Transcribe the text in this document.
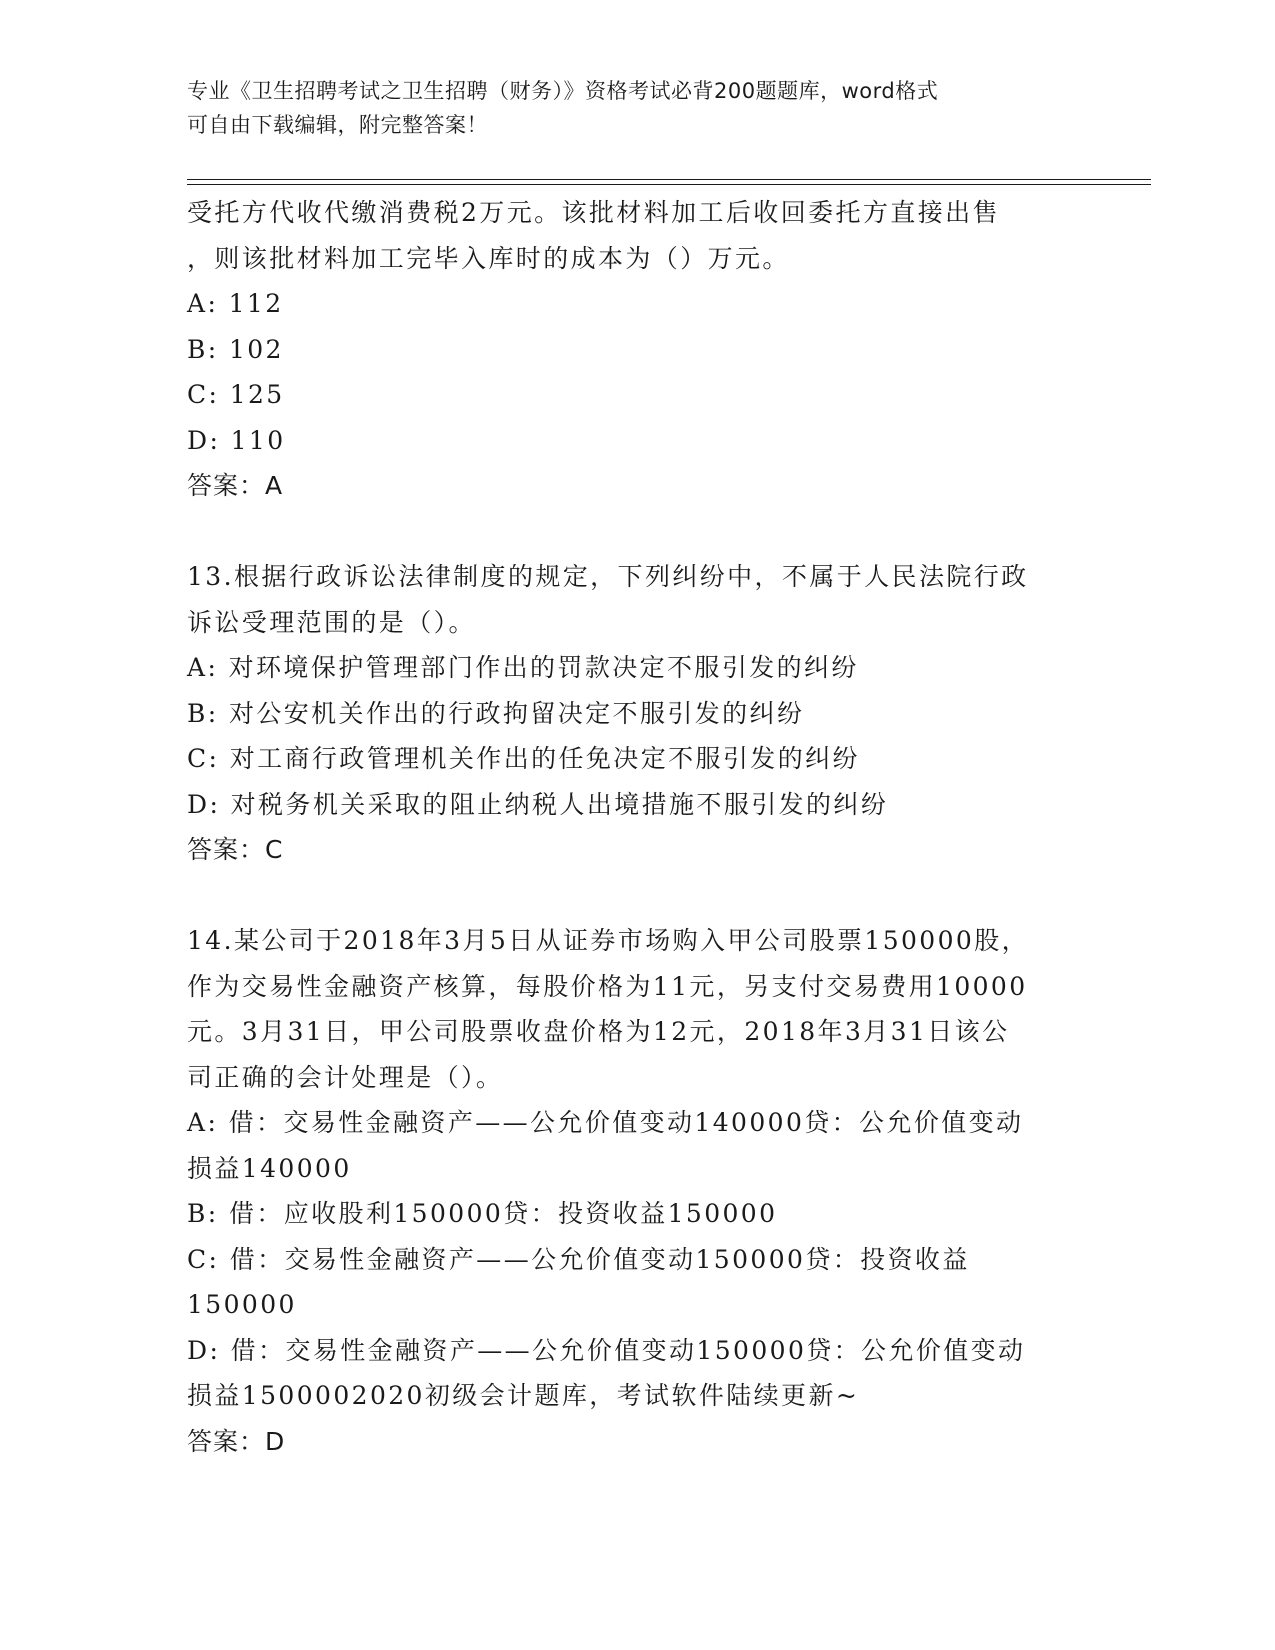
专业《卫生招聘考试之卫生招聘（财务）》资格考试必背200题题库，word格式
可自由下载编辑，附完整答案！
受托方代收代缴消费税2万元。该批材料加工后收回委托方直接出售
，则该批材料加工完毕入库时的成本为（）万元。
A: 112
B: 102
C: 125
D: 110
答案：A
13.根据行政诉讼法律制度的规定，下列纠纷中，不属于人民法院行政
诉讼受理范围的是（）。
A: 对环境保护管理部门作出的罚款决定不服引发的纠纷
B: 对公安机关作出的行政拘留决定不服引发的纠纷
C: 对工商行政管理机关作出的任免决定不服引发的纠纷
D: 对税务机关采取的阻止纳税人出境措施不服引发的纠纷
答案：C
14.某公司于2018年3月5日从证券市场购入甲公司股票150000股，
作为交易性金融资产核算，每股价格为11元，另支付交易费用10000
元。3月31日，甲公司股票收盘价格为12元，2018年3月31日该公
司正确的会计处理是（）。
A: 借：交易性金融资产——公允价值变动140000贷：公允价值变动
损益140000
B: 借：应收股利150000贷：投资收益150000
C: 借：交易性金融资产——公允价值变动150000贷：投资收益
150000
D: 借：交易性金融资产——公允价值变动150000贷：公允价值变动
损益1500002020初级会计题库，考试软件陆续更新~
答案：D
